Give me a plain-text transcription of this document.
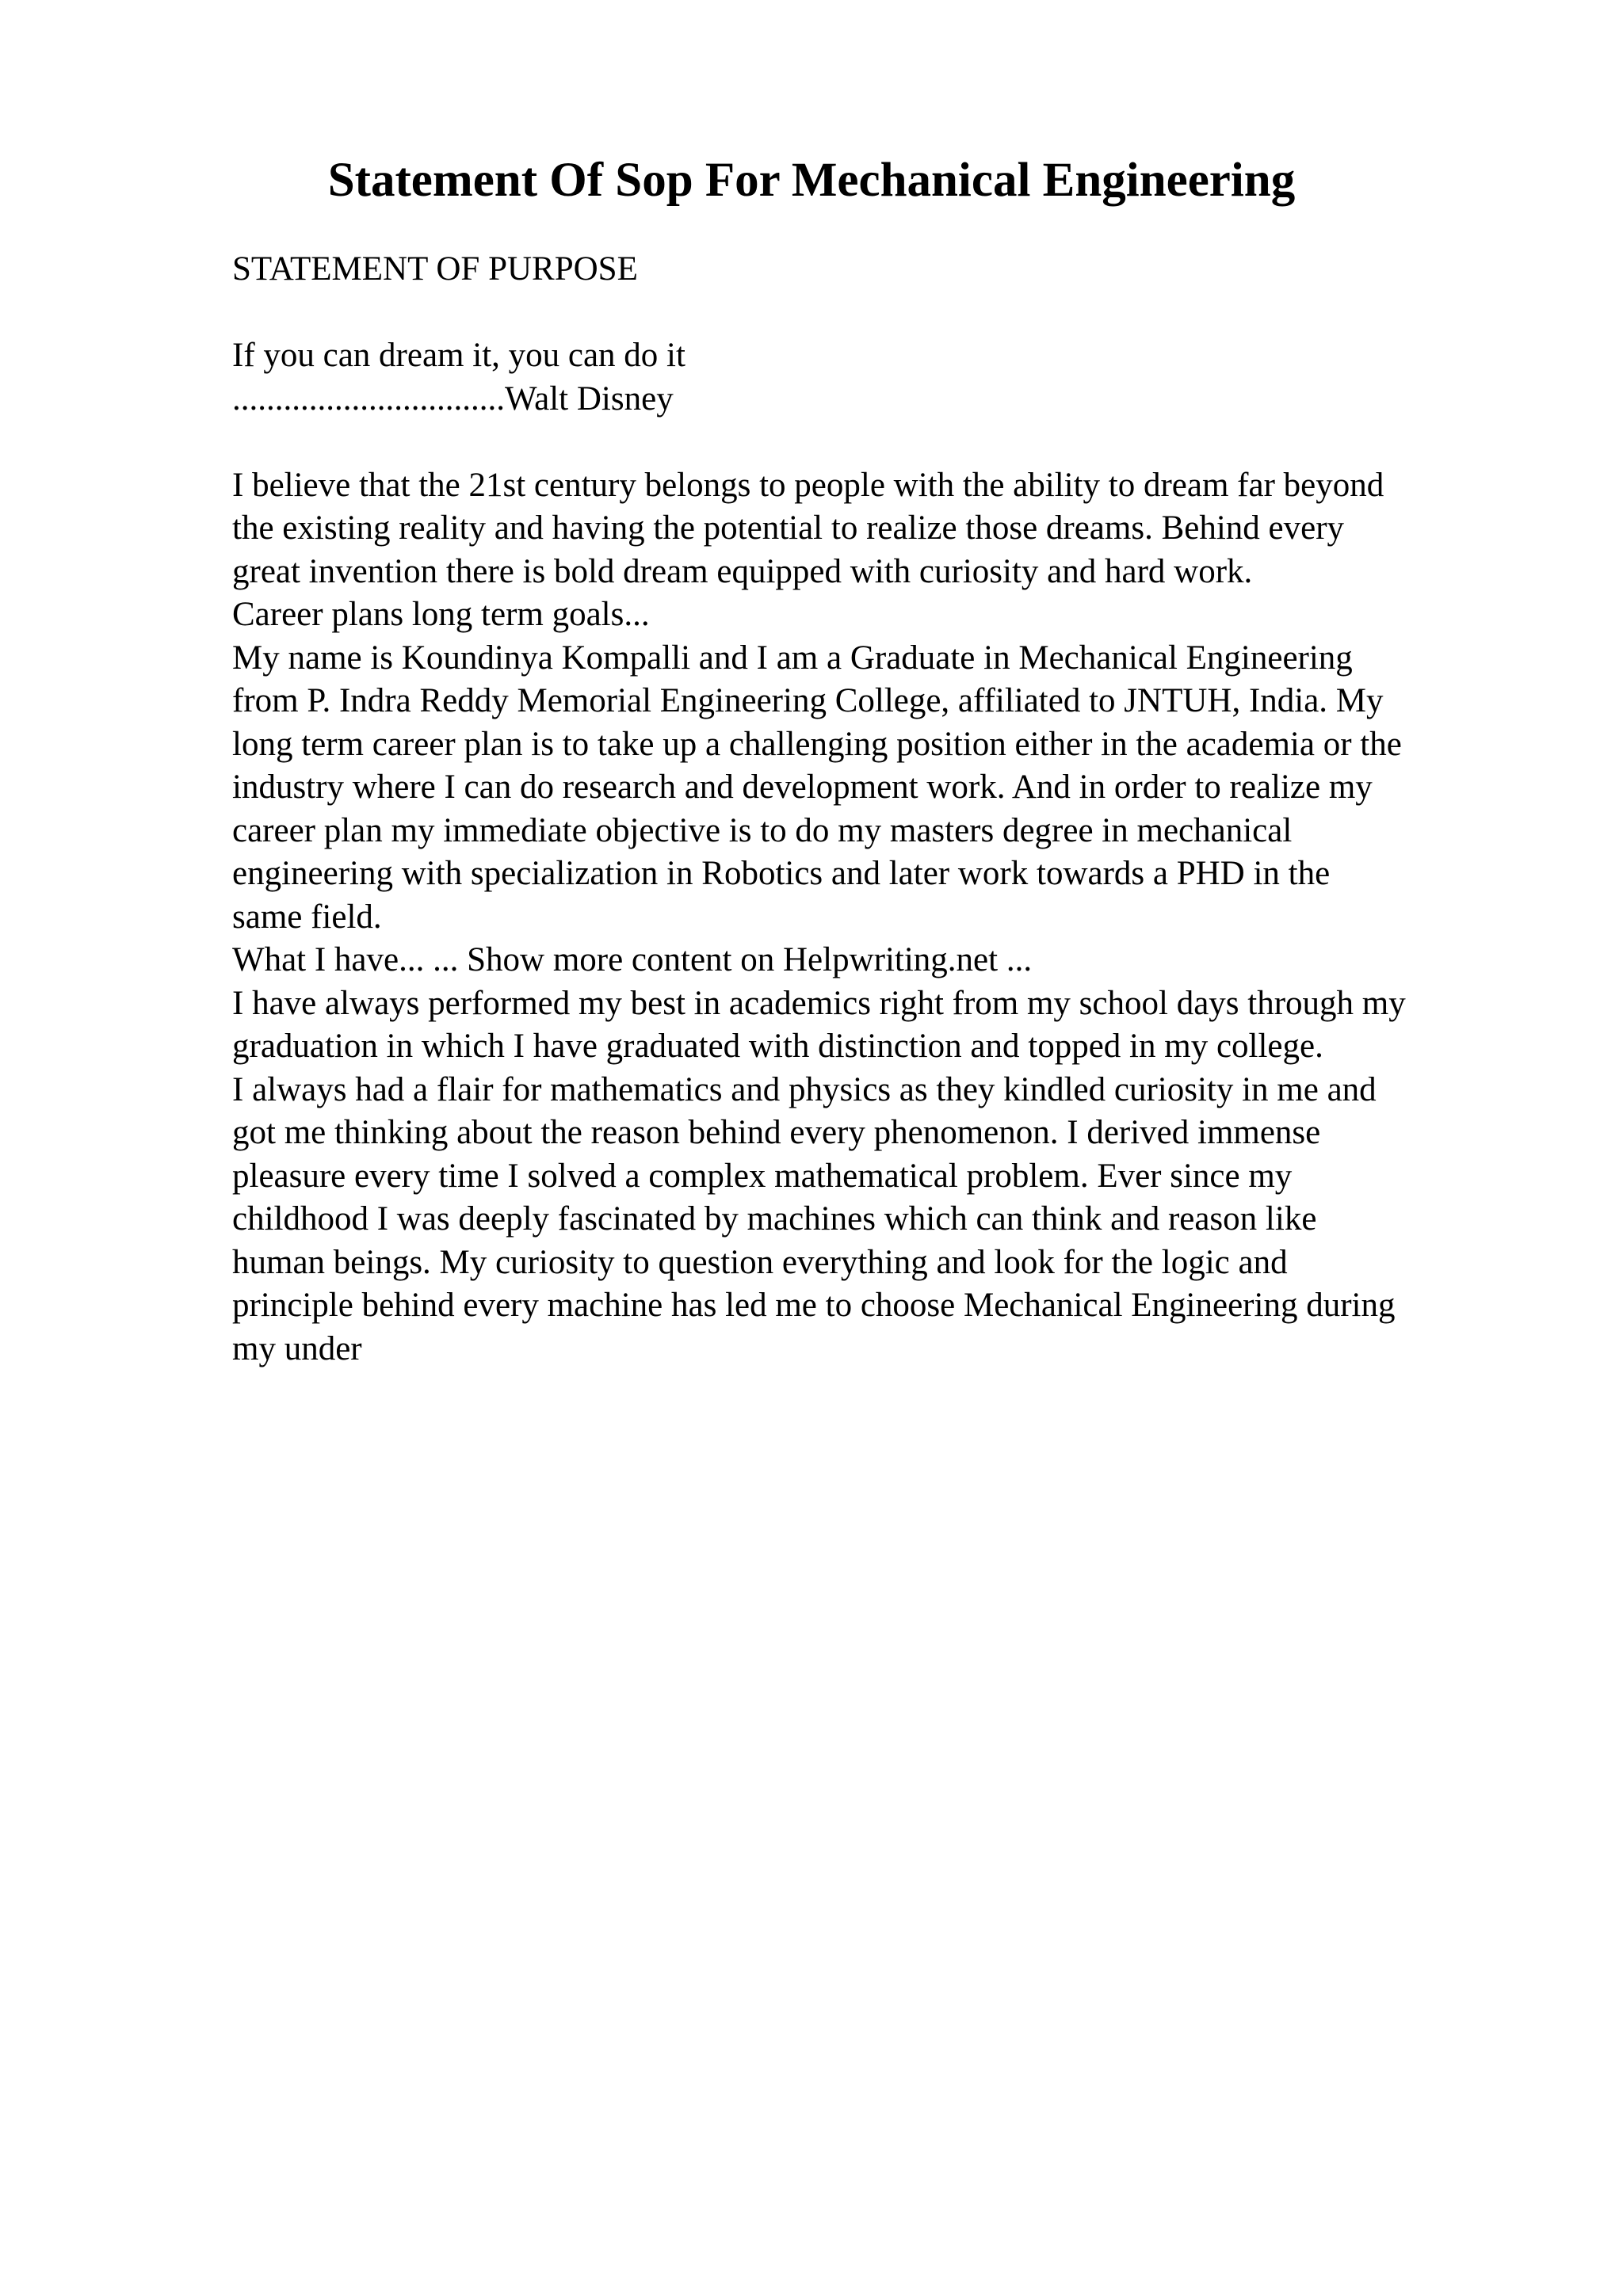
Statement Of Sop For Mechanical Engineering
STATEMENT OF PURPOSE
If you can dream it, you can do it
................................Walt Disney
I believe that the 21st century belongs to people with the ability to dream far beyond
the existing reality and having the potential to realize those dreams. Behind every
great invention there is bold dream equipped with curiosity and hard work.
Career plans long term goals...
My name is Koundinya Kompalli and I am a Graduate in Mechanical Engineering
from P. Indra Reddy Memorial Engineering College, affiliated to JNTUH, India. My
long term career plan is to take up a challenging position either in the academia or the
industry where I can do research and development work. And in order to realize my
career plan my immediate objective is to do my masters degree in mechanical
engineering with specialization in Robotics and later work towards a PHD in the
same field.
What I have... ... Show more content on Helpwriting.net ...
I have always performed my best in academics right from my school days through my
graduation in which I have graduated with distinction and topped in my college.
I always had a flair for mathematics and physics as they kindled curiosity in me and
got me thinking about the reason behind every phenomenon. I derived immense
pleasure every time I solved a complex mathematical problem. Ever since my
childhood I was deeply fascinated by machines which can think and reason like
human beings. My curiosity to question everything and look for the logic and
principle behind every machine has led me to choose Mechanical Engineering during
my under
